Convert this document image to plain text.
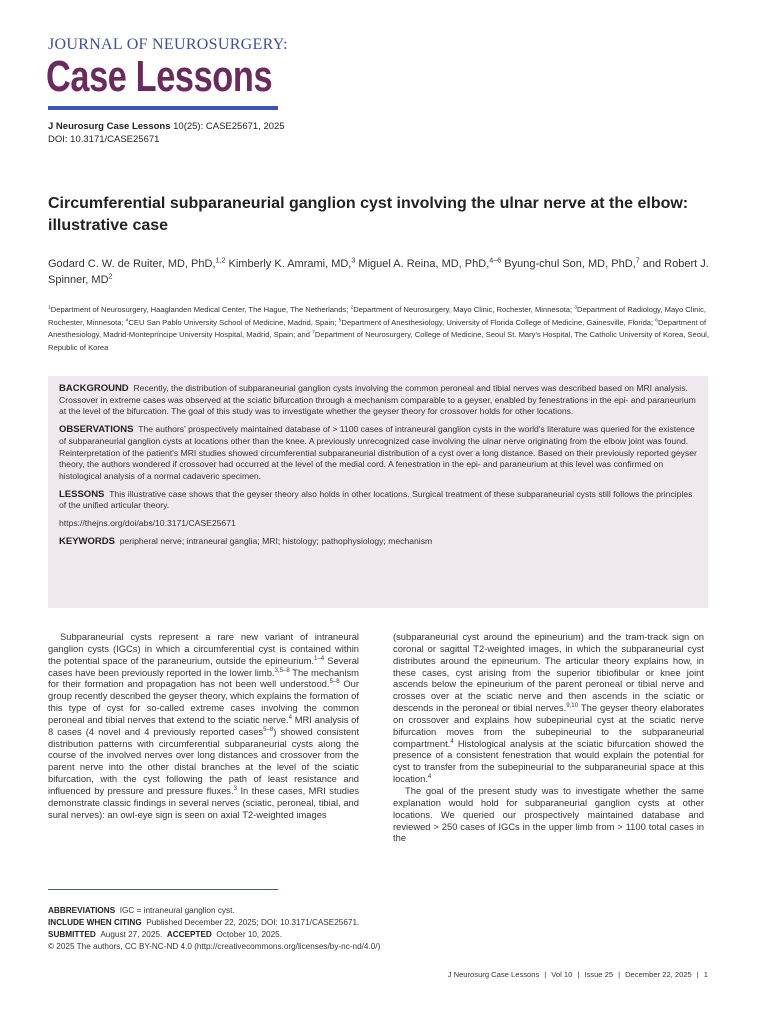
JOURNAL OF NEUROSURGERY:
Case Lessons
J Neurosurg Case Lessons 10(25): CASE25671, 2025
DOI: 10.3171/CASE25671
Circumferential subparaneurial ganglion cyst involving the ulnar nerve at the elbow: illustrative case
Godard C. W. de Ruiter, MD, PhD,$^{1,2}$ Kimberly K. Amrami, MD,$^3$ Miguel A. Reina, MD, PhD,$^{4-6}$ Byung-chul Son, MD, PhD,$^7$ and Robert J. Spinner, $MD^2$
$^1$Department of Neurosurgery, Haaglanden Medical Center, The Hague, The Netherlands; $^2$Department of Neurosurgery, Mayo Clinic, Rochester, Minnesota; $^3$Department of Radiology, Mayo Clinic, Rochester, Minnesota; $^4$CEU San Pablo University School of Medicine, Madrid, Spain; $^5$Department of Anesthesiology, University of Florida College of Medicine, Gainesville, Florida; $^6$Department of Anesthesiology, Madrid-Montepríncipe University Hospital, Madrid, Spain; and $^7$Department of Neurosurgery, College of Medicine, Seoul St. Mary's Hospital, The Catholic University of Korea, Seoul, Republic of Korea

BACKGROUND Recently, the distribution of subparaneurial ganglion cysts involving the common peroneal and tibial nerves was described based on MRI analysis. Crossover in extreme cases was observed at the sciatic bifurcation through a mechanism comparable to a geyser, enabled by fenestrations in the epi- and paraneurium at the level of the bifurcation. The goal of this study was to investigate whether the geyser theory for crossover holds for other locations.

OBSERVATIONS The authors' prospectively maintained database of > 1100 cases of intraneural ganglion cysts in the world's literature was queried for the existence of subparaneurial ganglion cysts at locations other than the knee. A previously unrecognized case involving the ulnar nerve originating from the elbow joint was found. Reinterpretation of the patient's MRI studies showed circumferential subparaneurial distribution of a cyst over a long distance. Based on their previously reported geyser theory, the authors wondered if crossover had occurred at the level of the medial cord. A fenestration in the epi- and paraneurium at this level was confirmed on histological analysis of a normal cadaveric specimen.

LESSONS This illustrative case shows that the geyser theory also holds in other locations. Surgical treatment of these subparaneurial cysts still follows the principles of the unified articular theory.

https://thejns.org/doi/abs/10.3171/CASE25671

KEYWORDS peripheral nerve; intraneural ganglia; MRI; histology; pathophysiology; mechanism

Subparaneurial cysts represent a rare new variant of intraneural ganglion cysts (IGCs) in which a circumferential cyst is contained within the potential space of the paraneurium, outside the epineurium.$^{1-4}$ Several cases have been previously reported in the lower limb.$^{3,5-8}$ The mechanism for their formation and propagation has not been well understood.$^{5-8}$ Our group recently described the geyser theory, which explains the formation of this type of cyst for so-called extreme cases involving the common peroneal and tibial nerves that extend to the sciatic nerve.$^4$ MRI analysis of 8 cases (4 novel and 4 previously reported cases$^{5-8}$) showed consistent distribution patterns with circumferential subparaneurial cysts along the course of the involved nerves over long distances and crossover from the parent nerve into the other distal branches at the level of the sciatic bifurcation, with the cyst following the path of least resistance and influenced by pressure and pressure fluxes.$^3$ In these cases, MRI studies demonstrate classic findings in several nerves (sciatic, peroneal, tibial, and sural nerves): an owl-eye sign is seen on axial T2-weighted images

(subparaneurial cyst around the epineurium) and the tram-track sign on coronal or sagittal T2-weighted images, in which the subparaneurial cyst distributes around the epineurium. The articular theory explains how, in these cases, cyst arising from the superior tibiofibular or knee joint ascends below the epineurium of the parent peroneal or tibial nerve and crosses over at the sciatic nerve and then ascends in the sciatic or descends in the peroneal or tibial nerves.$^{9,10}$ The geyser theory elaborates on crossover and explains how subepineurial cyst at the sciatic nerve bifurcation moves from the subepineurial to the subparaneurial compartment.$^4$ Histological analysis at the sciatic bifurcation showed the presence of a consistent fenestration that would explain the potential for cyst to transfer from the subepineurial to the subparaneurial space at this location.$^4$

The goal of the present study was to investigate whether the same explanation would hold for subparaneurial ganglion cysts at other locations. We queried our prospectively maintained database and reviewed > 250 cases of IGCs in the upper limb from > 1100 total cases in the

ABBREVIATIONS IGC = intraneural ganglion cyst.
INCLUDE WHEN CITING Published December 22, 2025; DOI: 10.3171/CASE25671.
SUBMITTED August 27, 2025. ACCEPTED October 10, 2025.
© 2025 The authors, CC BY-NC-ND 4.0 (http://creativecommons.org/licenses/by-nc-nd/4.0/)
J Neurosurg Case Lessons | Vol 10 | Issue 25 | December 22, 2025 | 1
